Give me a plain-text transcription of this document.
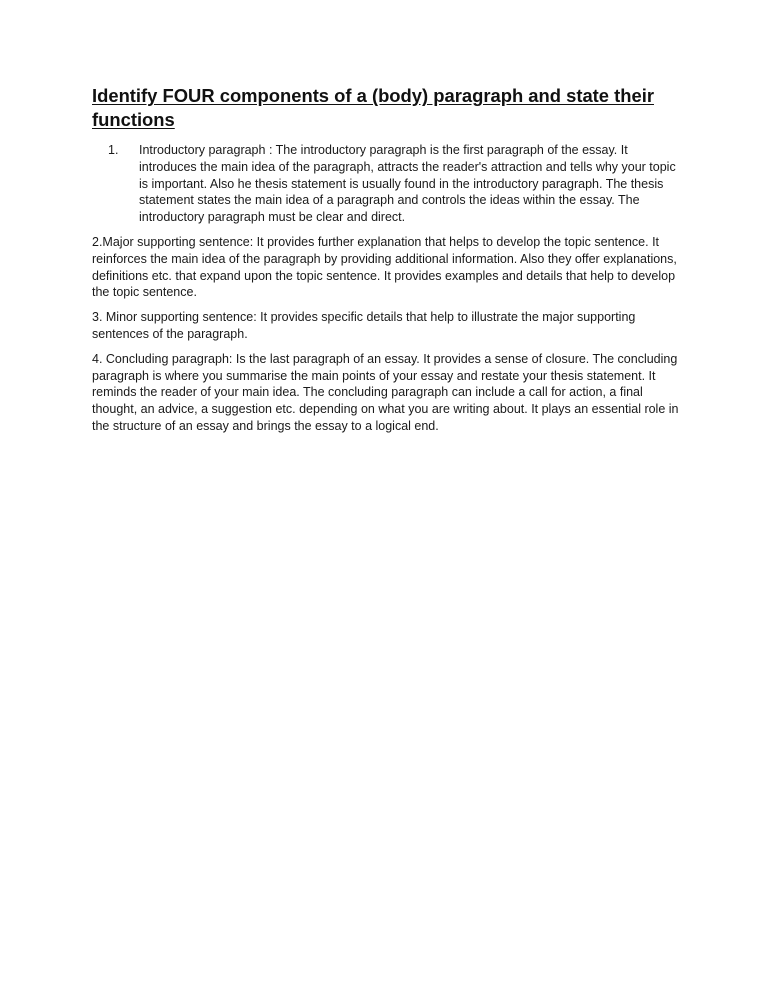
Identify FOUR components of a (body) paragraph and state their functions
1. Introductory paragraph : The introductory paragraph is the first paragraph of the essay. It introduces the main idea of the paragraph, attracts the reader's attraction and tells why your topic is important. Also he thesis statement is usually found in the introductory paragraph. The thesis statement states the main idea of a paragraph and controls the ideas within the essay. The introductory paragraph must be clear and direct.

2.Major supporting sentence: It provides further explanation that helps to develop the topic sentence. It reinforces the main idea of the paragraph by providing additional information. Also they offer explanations, definitions etc. that expand upon the topic sentence. It provides examples and details that help to develop the topic sentence.

3. Minor supporting sentence: It provides specific details that help to illustrate the major supporting sentences of the paragraph.

4. Concluding paragraph: Is the last paragraph of an essay. It provides a sense of closure. The concluding paragraph is where you summarise the main points of your essay and restate your thesis statement. It reminds the reader of your main idea. The concluding paragraph can include a call for action, a final thought, an advice, a suggestion etc. depending on what you are writing about. It plays an essential role in the structure of an essay and brings the essay to a logical end.
